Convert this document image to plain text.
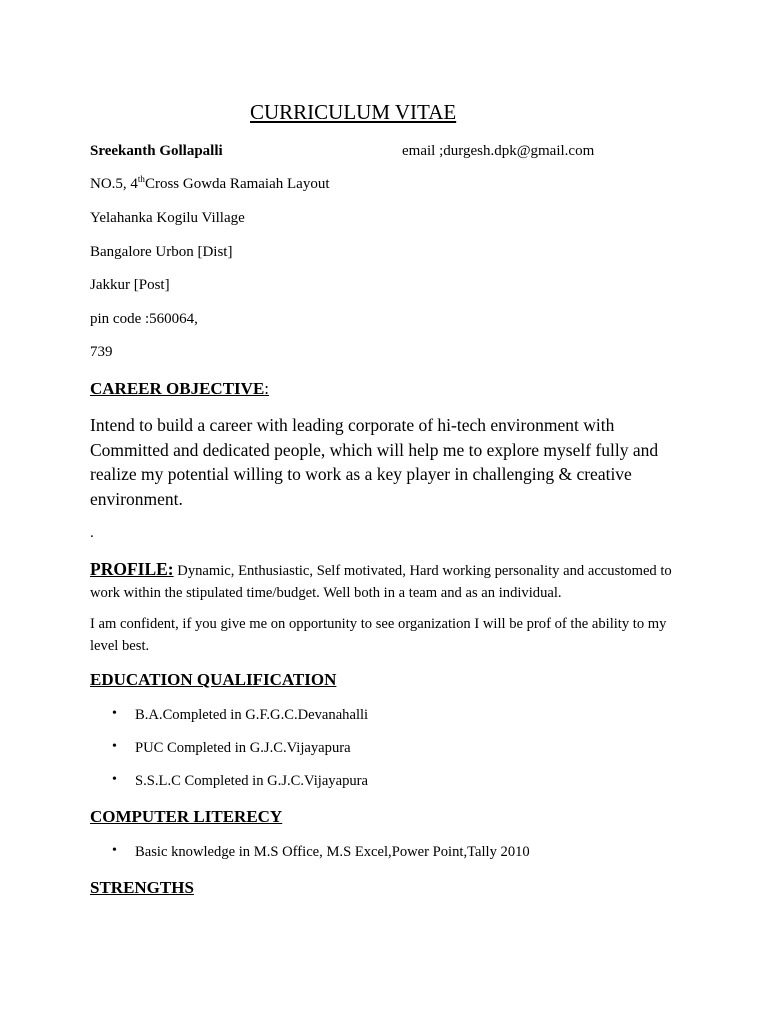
CURRICULUM VITAE
Sreekanth Gollapalli	email ;durgesh.dpk@gmail.com
NO.5, 4thCross Gowda Ramaiah Layout
Yelahanka Kogilu Village
Bangalore Urbon [Dist]
Jakkur [Post]
pin code :560064,
739
CAREER OBJECTIVE:
Intend to build a career with leading corporate of hi-tech environment with Committed and dedicated people, which will help me to explore myself fully and realize my potential willing to work as a key player in challenging & creative environment.
.
PROFILE: Dynamic, Enthusiastic, Self motivated, Hard working personality and accustomed to work within the stipulated time/budget. Well both in a team and as an individual.
I am confident, if you give me on opportunity to see organization I will be prof of the ability to my level best.
EDUCATION QUALIFICATION
• B.A.Completed in G.F.G.C.Devanahalli
• PUC Completed in G.J.C.Vijayapura
• S.S.L.C Completed in G.J.C.Vijayapura
COMPUTER LITERECY
• Basic knowledge in M.S Office, M.S Excel,Power Point,Tally 2010
STRENGTHS
